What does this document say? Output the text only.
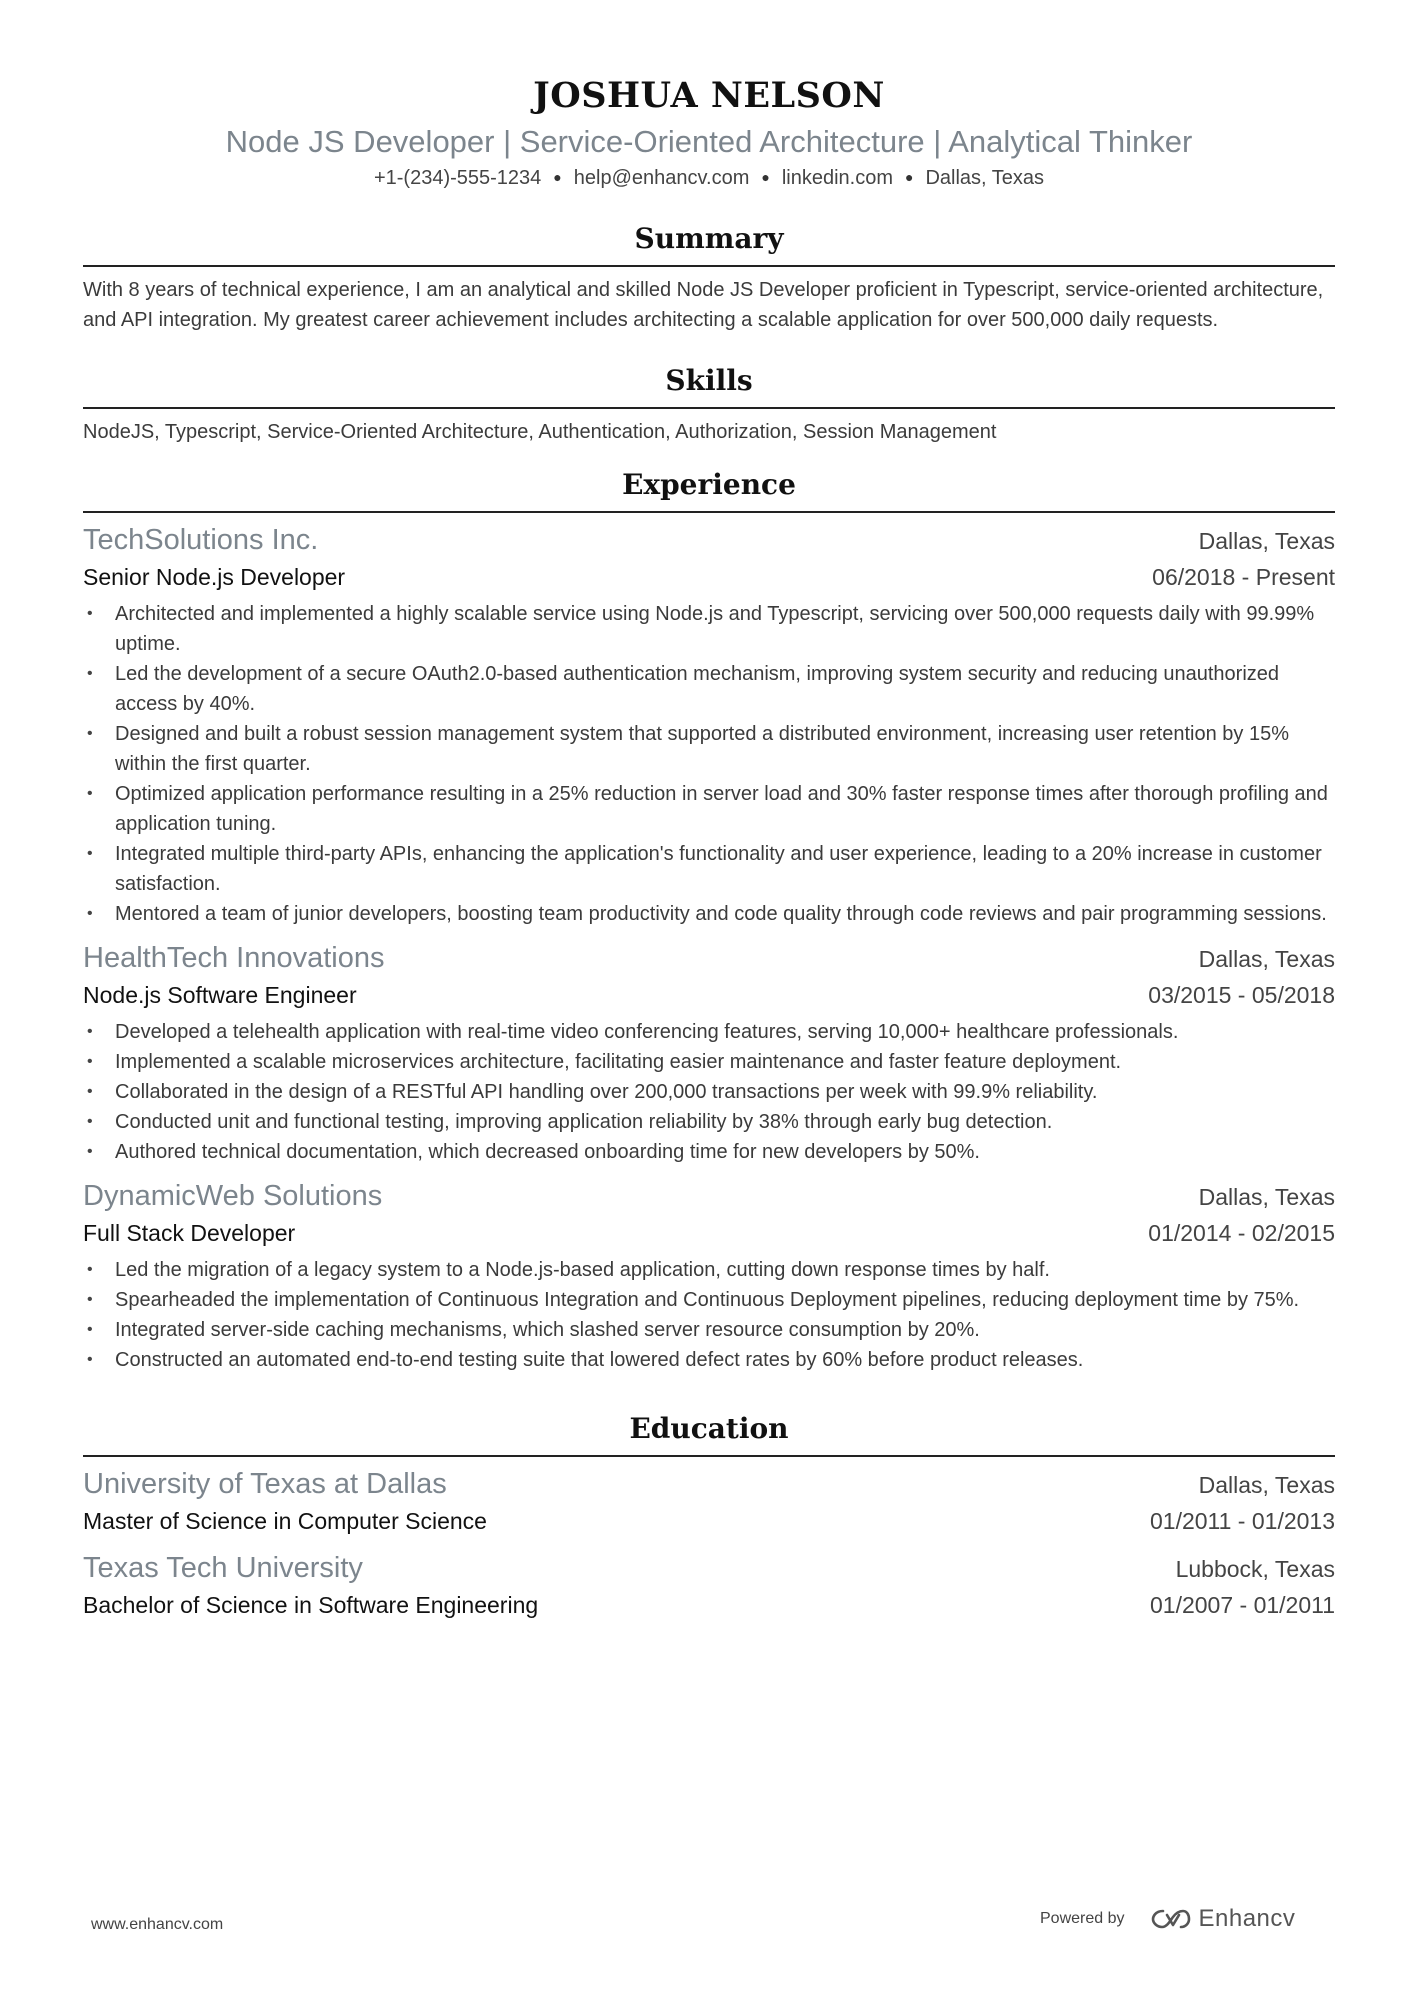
JOSHUA NELSON
Node JS Developer | Service-Oriented Architecture | Analytical Thinker
+1-(234)-555-1234 ● help@enhancv.com ● linkedin.com ● Dallas, Texas
Summary
With 8 years of technical experience, I am an analytical and skilled Node JS Developer proficient in Typescript, service-oriented architecture, and API integration. My greatest career achievement includes architecting a scalable application for over 500,000 daily requests.
Skills
NodeJS, Typescript, Service-Oriented Architecture, Authentication, Authorization, Session Management
Experience
TechSolutions Inc.	Dallas, Texas
Senior Node.js Developer	06/2018 - Present
• Architected and implemented a highly scalable service using Node.js and Typescript, servicing over 500,000 requests daily with 99.99% uptime.
• Led the development of a secure OAuth2.0-based authentication mechanism, improving system security and reducing unauthorized access by 40%.
• Designed and built a robust session management system that supported a distributed environment, increasing user retention by 15% within the first quarter.
• Optimized application performance resulting in a 25% reduction in server load and 30% faster response times after thorough profiling and application tuning.
• Integrated multiple third-party APIs, enhancing the application's functionality and user experience, leading to a 20% increase in customer satisfaction.
• Mentored a team of junior developers, boosting team productivity and code quality through code reviews and pair programming sessions.
HealthTech Innovations	Dallas, Texas
Node.js Software Engineer	03/2015 - 05/2018
• Developed a telehealth application with real-time video conferencing features, serving 10,000+ healthcare professionals.
• Implemented a scalable microservices architecture, facilitating easier maintenance and faster feature deployment.
• Collaborated in the design of a RESTful API handling over 200,000 transactions per week with 99.9% reliability.
• Conducted unit and functional testing, improving application reliability by 38% through early bug detection.
• Authored technical documentation, which decreased onboarding time for new developers by 50%.
DynamicWeb Solutions	Dallas, Texas
Full Stack Developer	01/2014 - 02/2015
• Led the migration of a legacy system to a Node.js-based application, cutting down response times by half.
• Spearheaded the implementation of Continuous Integration and Continuous Deployment pipelines, reducing deployment time by 75%.
• Integrated server-side caching mechanisms, which slashed server resource consumption by 20%.
• Constructed an automated end-to-end testing suite that lowered defect rates by 60% before product releases.
Education
University of Texas at Dallas	Dallas, Texas
Master of Science in Computer Science	01/2011 - 01/2013
Texas Tech University	Lubbock, Texas
Bachelor of Science in Software Engineering	01/2007 - 01/2011
www.enhancv.com	Powered by	Enhancv
